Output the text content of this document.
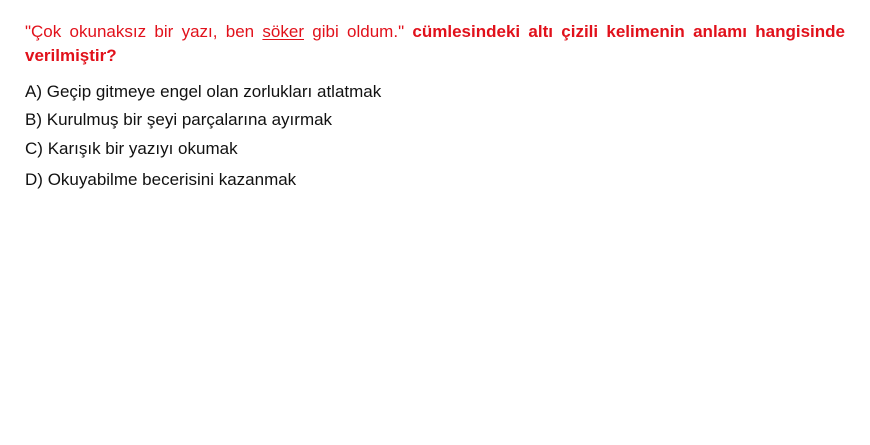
"Çok okunaksız bir yazı, ben söker gibi oldum." cümlesindeki altı çizili kelimenin anlamı hangisinde verilmiştir?

A) Geçip gitmeye engel olan zorlukları atlatmak
B) Kurulmuş bir şeyi parçalarına ayırmak
C) Karışık bir yazıyı okumak
D) Okuyabilme becerisini kazanmak
